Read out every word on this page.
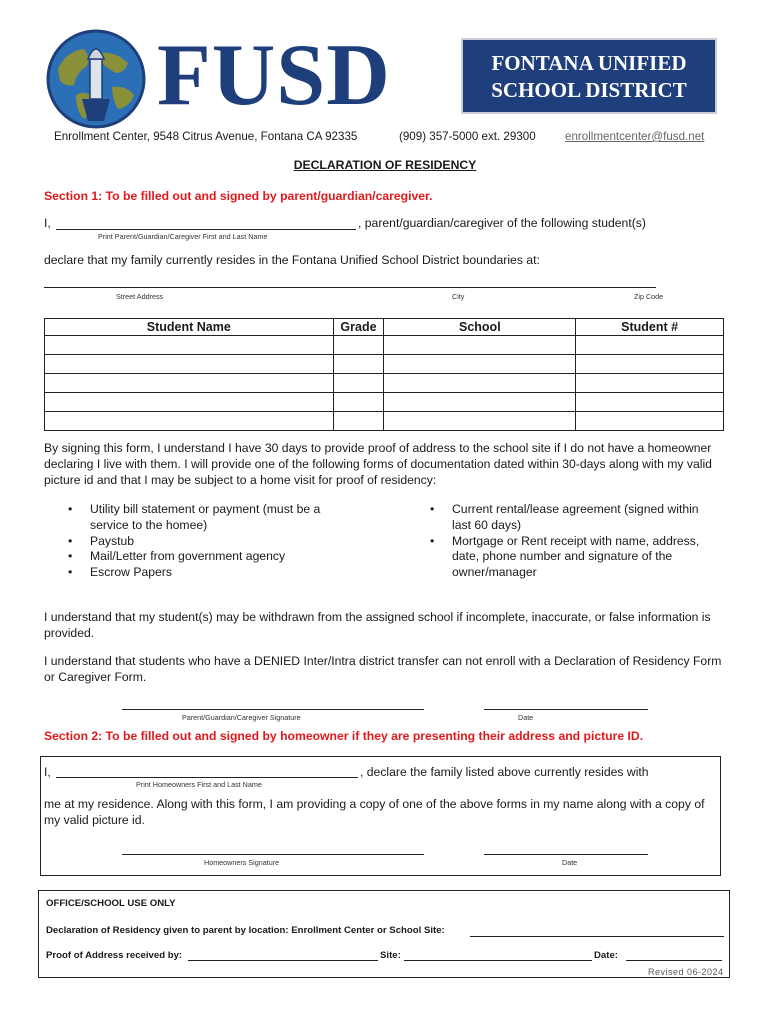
FUSD	FONTANA UNIFIED
SCHOOL DISTRICT
Enrollment Center, 9548 Citrus Avenue, Fontana CA 92335	(909) 357-5000 ext. 29300	enrollmentcenter@fusd.net
DECLARATION OF RESIDENCY
Section 1: To be filled out and signed by parent/guardian/caregiver.
I,	, parent/guardian/caregiver of the following student(s)
Print Parent/Guardian/Caregiver First and Last Name
declare that my family currently resides in the Fontana Unified School District boundaries at:
Street Address	City	Zip Code
Student Name	Grade	School	Student #

By signing this form, I understand I have 30 days to provide proof of address to the school site if I do not have a homeowner declaring I live with them. I will provide one of the following forms of documentation dated within 30-days along with my valid picture id and that I may be subject to a home visit for proof of residency:
• Utility bill statement or payment (must be a service to the homee)
• Paystub
• Mail/Letter from government agency
• Escrow Papers
• Current rental/lease agreement (signed within last 60 days)
• Mortgage or Rent receipt with name, address, date, phone number and signature of the owner/manager
I understand that my student(s) may be withdrawn from the assigned school if incomplete, inaccurate, or false information is provided.
I understand that students who have a DENIED Inter/Intra district transfer can not enroll with a Declaration of Residency Form or Caregiver Form.
Parent/Guardian/Caregiver Signature	Date
Section 2: To be filled out and signed by homeowner if they are presenting their address and picture ID.
I,	, declare the family listed above currently resides with
Print Homeowners First and Last Name
me at my residence. Along with this form, I am providing a copy of one of the above forms in my name along with a copy of my valid picture id.
Homeowners Signature	Date
OFFICE/SCHOOL USE ONLY
Declaration of Residency given to parent by location: Enrollment Center or School Site:
Proof of Address received by:	Site:	Date:
Revised 06-2024
